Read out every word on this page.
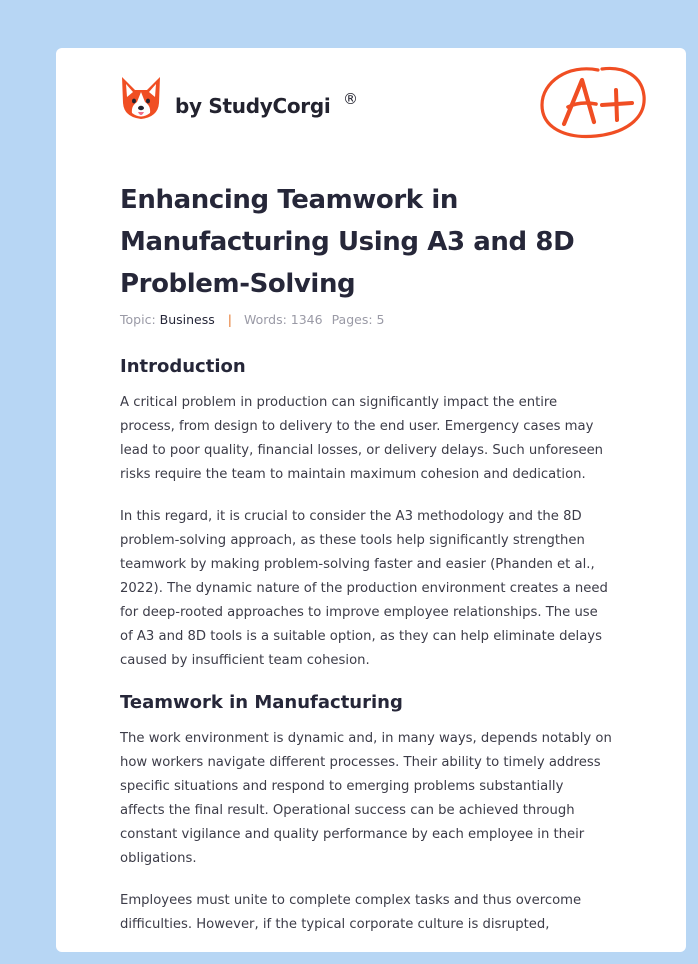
by StudyCorgi ®
Enhancing Teamwork in
Manufacturing Using A3 and 8D
Problem-Solving
Topic: Business | Words: 1346 Pages: 5
Introduction

A critical problem in production can significantly impact the entire
process, from design to delivery to the end user. Emergency cases may
lead to poor quality, financial losses, or delivery delays. Such unforeseen
risks require the team to maintain maximum cohesion and dedication.

In this regard, it is crucial to consider the A3 methodology and the 8D
problem-solving approach, as these tools help significantly strengthen
teamwork by making problem-solving faster and easier (Phanden et al.,
2022). The dynamic nature of the production environment creates a need
for deep-rooted approaches to improve employee relationships. The use
of A3 and 8D tools is a suitable option, as they can help eliminate delays
caused by insufficient team cohesion.

Teamwork in Manufacturing

The work environment is dynamic and, in many ways, depends notably on
how workers navigate different processes. Their ability to timely address
specific situations and respond to emerging problems substantially
affects the final result. Operational success can be achieved through
constant vigilance and quality performance by each employee in their
obligations.

Employees must unite to complete complex tasks and thus overcome
difficulties. However, if the typical corporate culture is disrupted,
